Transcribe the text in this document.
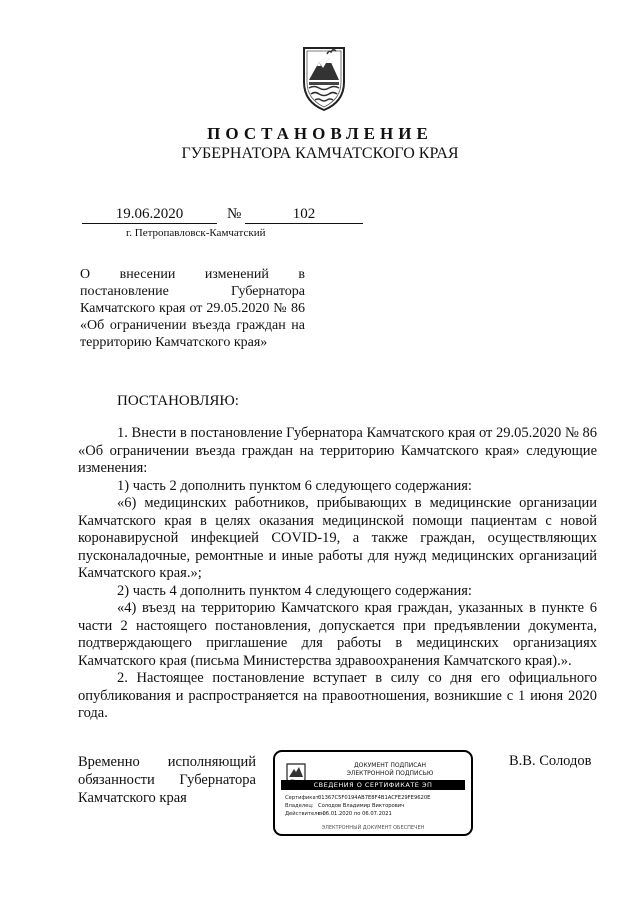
ПОСТАНОВЛЕНИЕ
ГУБЕРНАТОРА КАМЧАТСКОГО КРАЯ
19.06.2020	№	102
г. Петропавловск-Камчатский
О внесении изменений в постановление Губернатора Камчатского края от 29.05.2020 № 86 «Об ограничении въезда граждан на территорию Камчатского края»
ПОСТАНОВЛЯЮ:

1. Внести в постановление Губернатора Камчатского края от 29.05.2020 № 86 «Об ограничении въезда граждан на территорию Камчатского края» следующие изменения:

1) часть 2 дополнить пунктом 6 следующего содержания:

«6) медицинских работников, прибывающих в медицинские организации Камчатского края в целях оказания медицинской помощи пациентам с новой коронавирусной инфекцией COVID-19, а также граждан, осуществляющих пусконаладочные, ремонтные и иные работы для нужд медицинских организаций Камчатского края.»;

2) часть 4 дополнить пунктом 4 следующего содержания:

«4) въезд на территорию Камчатского края граждан, указанных в пункте 6 части 2 настоящего постановления, допускается при предъявлении документа, подтверждающего приглашение для работы в медицинских организациях Камчатского края (письма Министерства здравоохранения Камчатского края).».

2. Настоящее постановление вступает в силу со дня его официального опубликования и распространяется на правоотношения, возникшие с 1 июня 2020 года.

Временно исполняющий обязанности Губернатора Камчатского края
В.В. Солодов
ДОКУМЕНТ ПОДПИСАН
ЭЛЕКТРОННОЙ ПОДПИСЬЮ
СВЕДЕНИЯ О СЕРТИФИКАТЕ ЭП
Сертификат:01367C5F0194AB7E8F4B1ACFE29FE9620E
Владелец: Солодов Владимир Викторович
Действителен:с 06.01.2020 по 06.07.2021
ЭЛЕКТРОННЫЙ ДОКУМЕНТ ОБЕСПЕЧЕН
